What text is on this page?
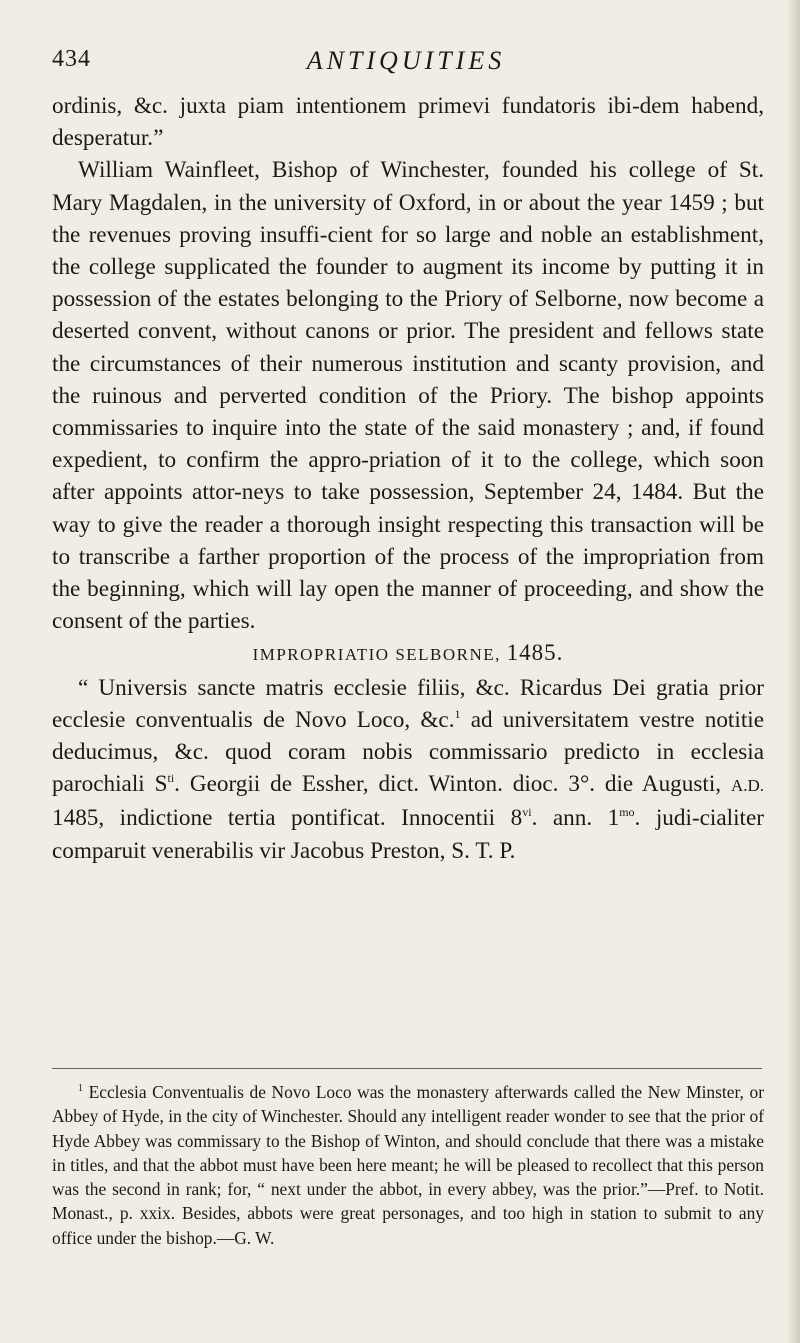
434	ANTIQUITIES

ordinis, &c. juxta piam intentionem primevi fundatoris ibi-dem habend, desperatur.”

William Wainfleet, Bishop of Winchester, founded his college of St. Mary Magdalen, in the university of Oxford, in or about the year 1459 ; but the revenues proving insuffi-cient for so large and noble an establishment, the college supplicated the founder to augment its income by putting it in possession of the estates belonging to the Priory of Selborne, now become a deserted convent, without canons or prior. The president and fellows state the circumstances of their numerous institution and scanty provision, and the ruinous and perverted condition of the Priory. The bishop appoints commissaries to inquire into the state of the said monastery ; and, if found expedient, to confirm the appro-priation of it to the college, which soon after appoints attor-neys to take possession, September 24, 1484. But the way to give the reader a thorough insight respecting this transaction will be to transcribe a farther proportion of the process of the impropriation from the beginning, which will lay open the manner of proceeding, and show the consent of the parties.

IMPROPRIATIO SELBORNE, 1485.

“ Universis sancte matris ecclesie filiis, &c. Ricardus Dei gratia prior ecclesie conventualis de Novo Loco, &c.$^1$ ad universitatem vestre notitie deducimus, &c. quod coram nobis commissario predicto in ecclesia parochiali $S^{ti}$. Georgii de Essher, dict. Winton. dioc. 3°. die Augusti, A.D. 1485, indictione tertia pontificat. Innocentii 8$^{vi}$. ann. $1^{mo}$. judi-cialiter comparuit venerabilis vir Jacobus Preston, S. T. P.

$^1$ Ecclesia Conventualis de Novo Loco was the monastery afterwards called the New Minster, or Abbey of Hyde, in the city of Winchester. Should any intelligent reader wonder to see that the prior of Hyde Abbey was commissary to the Bishop of Winton, and should conclude that there was a mistake in titles, and that the abbot must have been here meant; he will be pleased to recollect that this person was the second in rank; for, “ next under the abbot, in every abbey, was the prior.”—Pref. to Notit. Monast., p. xxix. Besides, abbots were great personages, and too high in station to submit to any office under the bishop.—G. W.
